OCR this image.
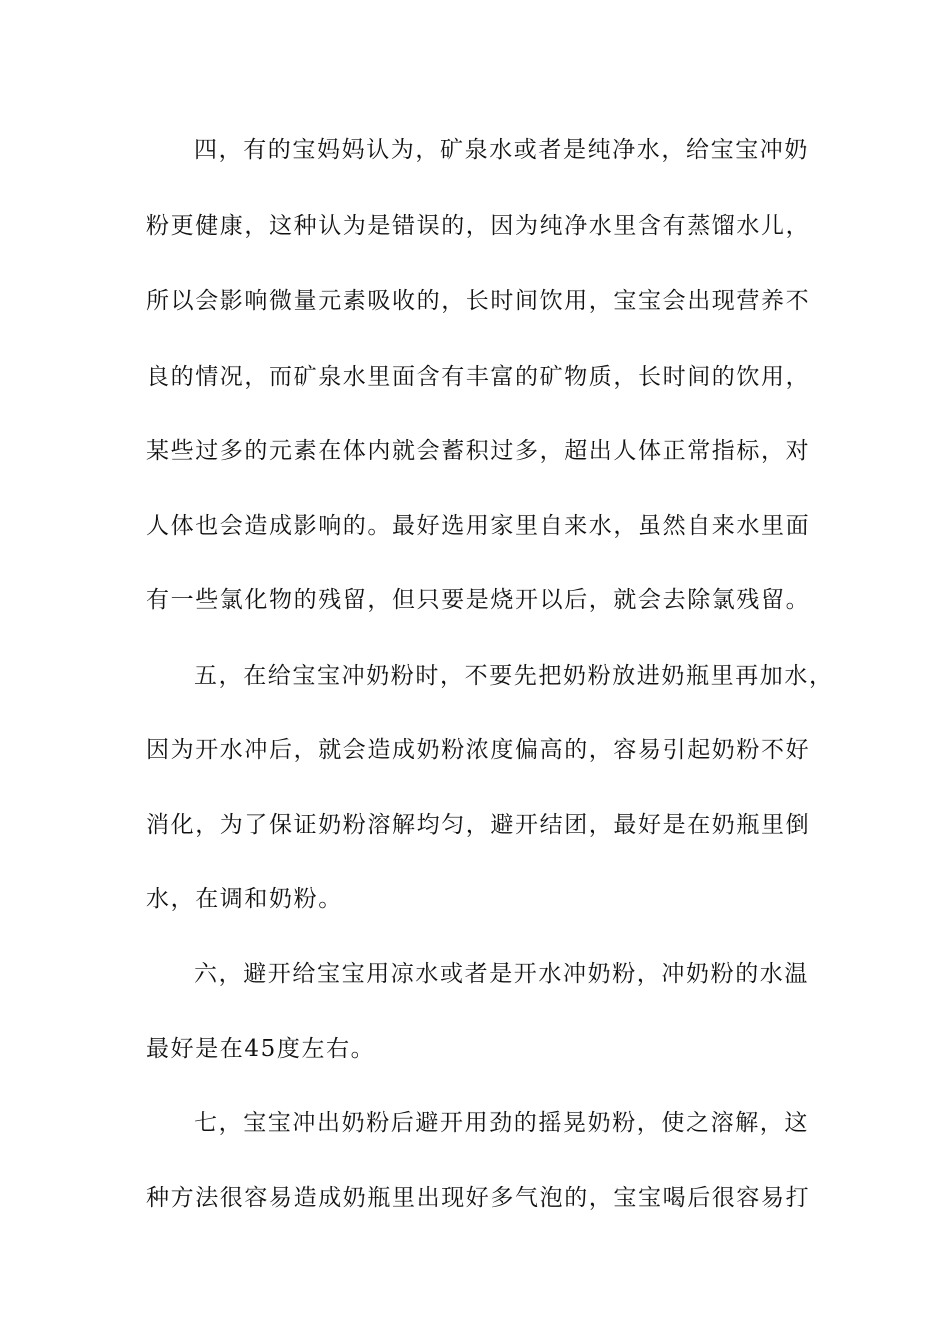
四，有的宝妈妈认为，矿泉水或者是纯净水，给宝宝冲奶
粉更健康，这种认为是错误的，因为纯净水里含有蒸馏水儿，
所以会影响微量元素吸收的，长时间饮用，宝宝会出现营养不
良的情况，而矿泉水里面含有丰富的矿物质，长时间的饮用，
某些过多的元素在体内就会蓄积过多，超出人体正常指标，对
人体也会造成影响的。最好选用家里自来水，虽然自来水里面
有一些氯化物的残留，但只要是烧开以后，就会去除氯残留。
五，在给宝宝冲奶粉时，不要先把奶粉放进奶瓶里再加水，
因为开水冲后，就会造成奶粉浓度偏高的，容易引起奶粉不好
消化，为了保证奶粉溶解均匀，避开结团，最好是在奶瓶里倒
水，在调和奶粉。
六，避开给宝宝用凉水或者是开水冲奶粉，冲奶粉的水温
最好是在45度左右。
七，宝宝冲出奶粉后避开用劲的摇晃奶粉，使之溶解，这
种方法很容易造成奶瓶里出现好多气泡的，宝宝喝后很容易打
